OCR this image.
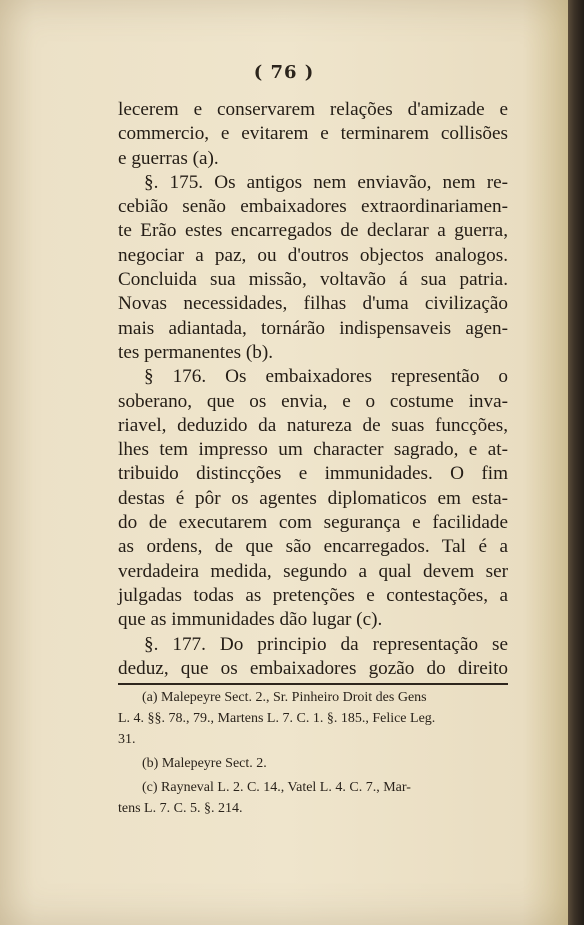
( 76 )
lecerem e conservarem relações d'amizade e
commercio, e evitarem e terminarem collisões
e guerras (a).
§. 175. Os antigos nem enviavão, nem re-
cebião senão embaixadores extraordinariamen-
te Erão estes encarregados de declarar a guerra,
negociar a paz, ou d'outros objectos analogos.
Concluida sua missão, voltavão á sua patria.
Novas necessidades, filhas d'uma civilização
mais adiantada, tornárão indispensaveis agen-
tes permanentes (b).
§ 176. Os embaixadores representão o
soberano, que os envia, e o costume inva-
riavel, deduzido da natureza de suas funcções,
lhes tem impresso um character sagrado, e at-
tribuido distincções e immunidades. O fim
destas é pôr os agentes diplomaticos em esta-
do de executarem com segurança e facilidade
as ordens, de que são encarregados. Tal é a
verdadeira medida, segundo a qual devem ser
julgadas todas as pretenções e contestações, a
que as immunidades dão lugar (c).
§. 177. Do principio da representação se
deduz, que os embaixadores gozão do direito
(a) Malepeyre Sect. 2., Sr. Pinheiro Droit des Gens
L. 4. §§. 78., 79., Martens L. 7. C. 1. §. 185., Felice Leg.
31.
(b) Malepeyre Sect. 2.
(c) Rayneval L. 2. C. 14., Vatel L. 4. C. 7., Mar-
tens L. 7. C. 5. §. 214.
